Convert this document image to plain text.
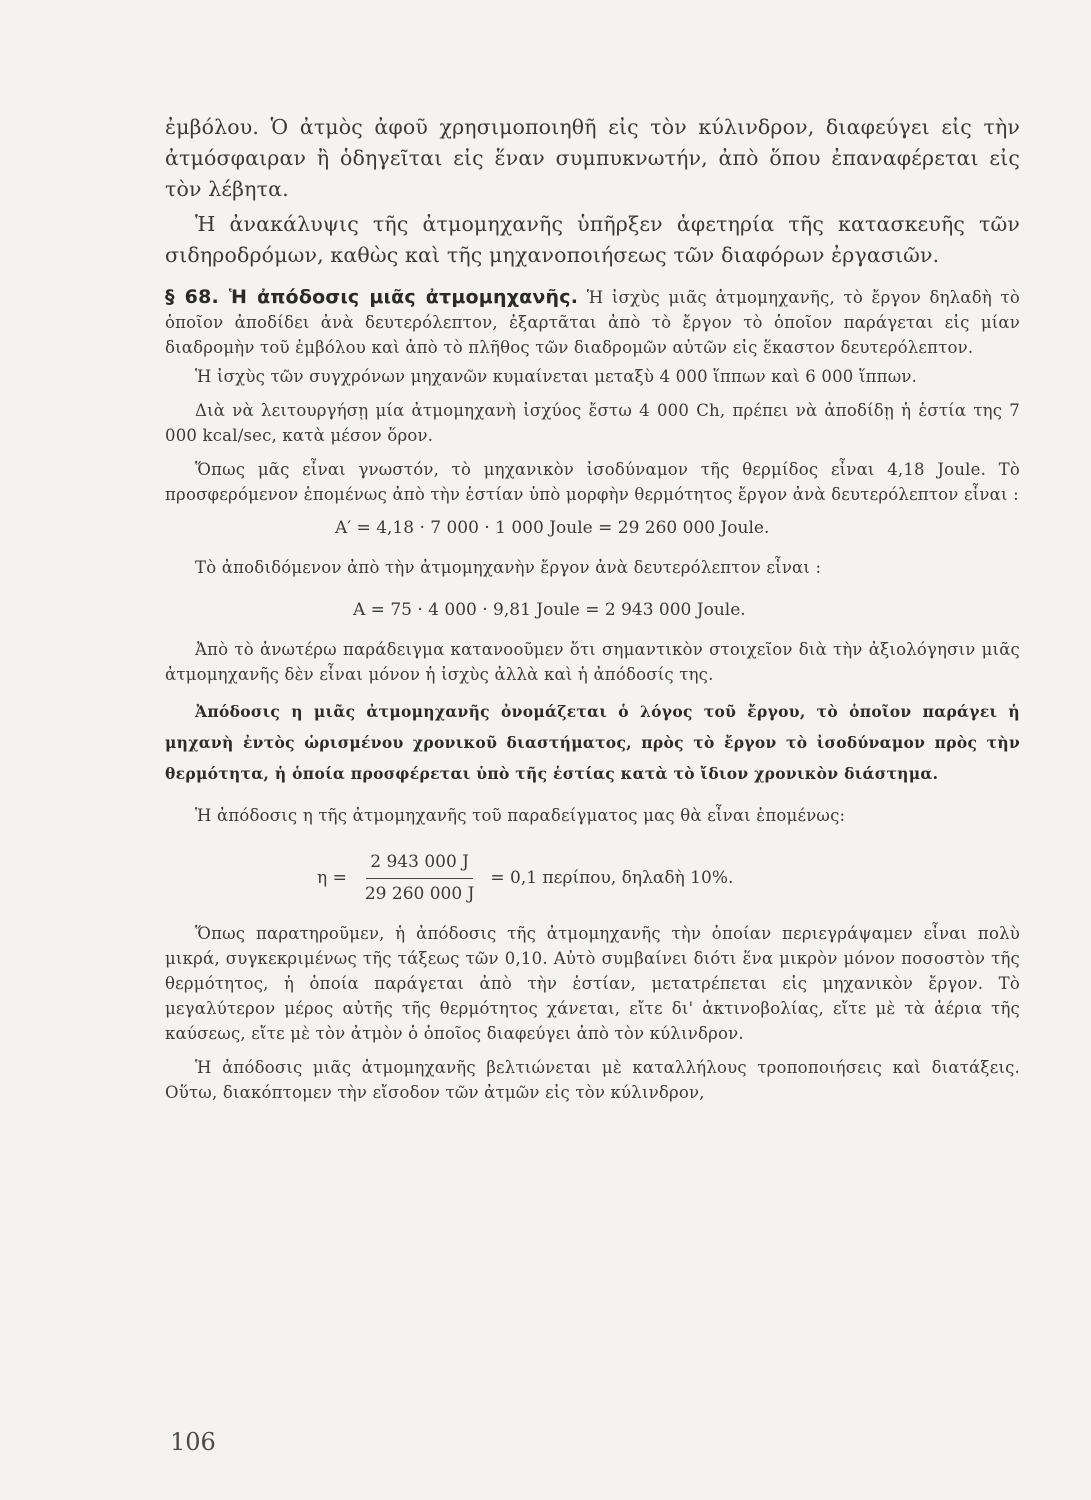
ἐμβόλου. Ὁ ἀτμὸς ἀφοῦ χρησιμοποιηθῆ εἰς τὸν κύλινδρον, διαφεύγει εἰς τὴν ἀτμόσφαιραν ἢ ὁδηγεῖται εἰς ἕναν συμπυκνωτήν, ἀπὸ ὅπου ἐπαναφέρεται εἰς τὸν λέβητα.

Ἡ ἀνακάλυψις τῆς ἀτμομηχανῆς ὑπῆρξεν ἀφετηρία τῆς κατασκευῆς τῶν σιδηροδρόμων, καθὼς καὶ τῆς μηχανοποιήσεως τῶν διαφόρων ἐργασιῶν.

§ 68. Ἡ ἀπόδοσις μιᾶς ἀτμομηχανῆς. Ἡ ἰσχὺς μιᾶς ἀτμομηχανῆς, τὸ ἔργον δηλαδὴ τὸ ὁποῖον ἀποδίδει ἀνὰ δευτερόλεπτον, ἐξαρτᾶται ἀπὸ τὸ ἔργον τὸ ὁποῖον παράγεται εἰς μίαν διαδρομὴν τοῦ ἐμβόλου καὶ ἀπὸ τὸ πλῆθος τῶν διαδρομῶν αὐτῶν εἰς ἕκαστον δευτερόλεπτον.

Ἡ ἰσχὺς τῶν συγχρόνων μηχανῶν κυμαίνεται μεταξὺ 4 000 ἵππων καὶ 6 000 ἵππων.

Διὰ νὰ λειτουργήσῃ μία ἀτμομηχανὴ ἰσχύος ἔστω 4 000 Ch, πρέπει νὰ ἀποδίδῃ ἡ ἑστία της 7 000 kcal/sec, κατὰ μέσον ὅρον.

Ὅπως μᾶς εἶναι γνωστόν, τὸ μηχανικὸν ἰσοδύναμον τῆς θερμίδος εἶναι 4,18 Joule. Τὸ προσφερόμενον ἑπομένως ἀπὸ τὴν ἑστίαν ὑπὸ μορφὴν θερμότητος ἔργον ἀνὰ δευτερόλεπτον εἶναι :

A′ = 4,18 · 7 000 · 1 000 Joule = 29 260 000 Joule.

Τὸ ἀποδιδόμενον ἀπὸ τὴν ἀτμομηχανὴν ἔργον ἀνὰ δευτερόλεπτον εἶναι :

A = 75 · 4 000 · 9,81 Joule = 2 943 000 Joule.

Ἀπὸ τὸ ἀνωτέρω παράδειγμα κατανοοῦμεν ὅτι σημαντικὸν στοιχεῖον διὰ τὴν ἀξιολόγησιν μιᾶς ἀτμομηχανῆς δὲν εἶναι μόνον ἡ ἰσχὺς ἀλλὰ καὶ ἡ ἀπόδοσίς της.

Ἀπόδοσις η μιᾶς ἀτμομηχανῆς ὀνομάζεται ὁ λόγος τοῦ ἔργου, τὸ ὁποῖον παράγει ἡ μηχανὴ ἐντὸς ὡρισμένου χρονικοῦ διαστήματος, πρὸς τὸ ἔργον τὸ ἰσοδύναμον πρὸς τὴν θερμότητα, ἡ ὁποία προσφέρεται ὑπὸ τῆς ἑστίας κατὰ τὸ ἴδιον χρονικὸν διάστημα.

Ἡ ἀπόδοσις η τῆς ἀτμομηχανῆς τοῦ παραδείγματος μας θὰ εἶναι ἑπομένως:

$\eta = \frac{2 943 000 J}{29 260 000 J} = 0,1$ περίπου, δηλαδὴ 10%.

Ὅπως παρατηροῦμεν, ἡ ἀπόδοσις τῆς ἀτμομηχανῆς τὴν ὁποίαν περιεγράψαμεν εἶναι πολὺ μικρά, συγκεκριμένως τῆς τάξεως τῶν 0,10. Αὐτὸ συμβαίνει διότι ἕνα μικρὸν μόνον ποσοστὸν τῆς θερμότητος, ἡ ὁποία παράγεται ἀπὸ τὴν ἑστίαν, μετατρέπεται εἰς μηχανικὸν ἔργον. Τὸ μεγαλύτερον μέρος αὐτῆς τῆς θερμότητος χάνεται, εἴτε δι' ἀκτινοβολίας, εἴτε μὲ τὰ ἀέρια τῆς καύσεως, εἴτε μὲ τὸν ἀτμὸν ὁ ὁποῖος διαφεύγει ἀπὸ τὸν κύλινδρον.

Ἡ ἀπόδοσις μιᾶς ἀτμομηχανῆς βελτιώνεται μὲ καταλλήλους τροποποιήσεις καὶ διατάξεις. Οὕτω, διακόπτομεν τὴν εἴσοδον τῶν ἀτμῶν εἰς τὸν κύλινδρον,

106
